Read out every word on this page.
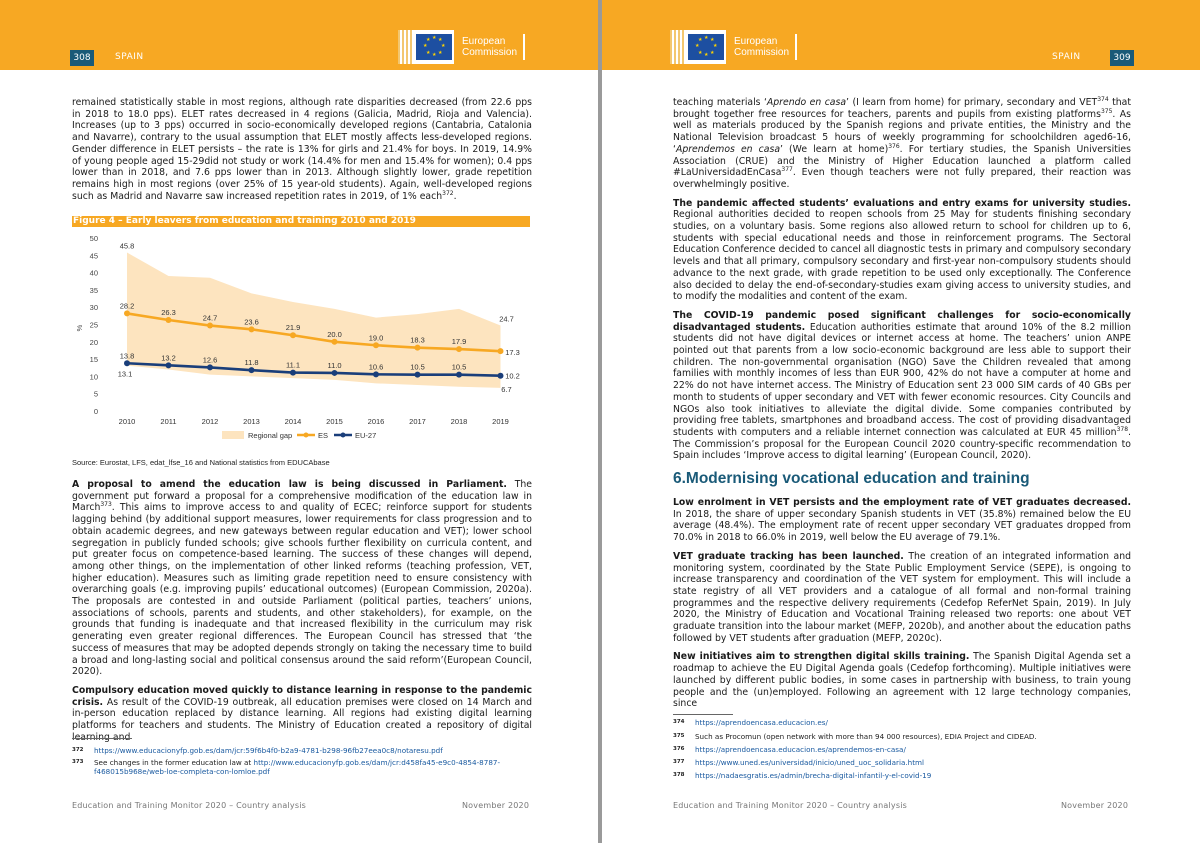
308	SPAIN
★ ★
★
★
★
★
★
★	European
Commission

remained statistically stable in most regions, although rate disparities decreased (from 22.6 pps in 2018 to 18.0 pps). ELET rates decreased in 4 regions (Galicia, Madrid, Rioja and Valencia). Increases (up to 3 pps) occurred in socio-economically developed regions (Cantabria, Catalonia and Navarre), contrary to the usual assumption that ELET mostly affects less-developed regions. Gender difference in ELET persists – the rate is 13% for girls and 21.4% for boys. In 2019, 14.9% of young people aged 15-29did not study or work (14.4% for men and 15.4% for women); 0.4 pps lower than in 2018, and 7.6 pps lower than in 2013. Although slightly lower, grade repetition remains high in most regions (over 25% of 15 year-old students). Again, well-developed regions such as Madrid and Navarre saw increased repetition rates in 2019, of 1% each$^{372}$.

Figure 4 – Early leavers from education and training 2010 and 2019
0
5
10
15
20
25
30
35
40
45
50
%
2010	2011	2012	2013	2014	2015	2016	2017	2018	2019
28.2
26.3
24.7	23.6
21.9
20.0	19.0	18.3	17.9
17.3
13.8	13.2	12.6	11.8	11.1	11.0	10.6	10.5	10.5
10.2
45.8
13.1
24.7
6.7
Regional gap	ES	EU-27
Source: Eurostat, LFS, edat_lfse_16 and National statistics from EDUCAbase

A proposal to amend the education law is being discussed in Parliament. The government put forward a proposal for a comprehensive modification of the education law in March$^{373}$. This aims to improve access to and quality of ECEC; reinforce support for students lagging behind (by additional support measures, lower requirements for class progression and to obtain academic degrees, and new gateways between regular education and VET); lower school segregation in publicly funded schools; give schools further flexibility on curricula content, and put greater focus on competence-based learning. The success of these changes will depend, among other things, on the implementation of other linked reforms (teaching profession, VET, higher education). Measures such as limiting grade repetition need to ensure consistency with overarching goals (e.g. improving pupils’ educational outcomes) (European Commission, 2020a). The proposals are contested in and outside Parliament (political parties, teachers’ unions, associations of schools, parents and students, and other stakeholders), for example, on the grounds that funding is inadequate and that increased flexibility in the curriculum may risk generating even greater regional differences. The European Council has stressed that ‘the success of measures that may be adopted depends strongly on taking the necessary time to build a broad and long-lasting social and political consensus around the said reform’(European Council, 2020).

Compulsory education moved quickly to distance learning in response to the pandemic crisis. As result of the COVID-19 outbreak, all education premises were closed on 14 March and in-person education replaced by distance learning. All regions had existing digital learning platforms for teachers and students. The Ministry of Education created a repository of digital

372 https://www.educacionyfp.gob.es/dam/jcr:59f6b4f0-b2a9-4781-b298-96fb27eea0c8/notaresu.pdf
373 See changes in the former education law at http://www.educacionyfp.gob.es/dam/jcr:d458fa45-e9c0-4854-8787-
f468015b968e/web-loe-completa-con-lomloe.pdf
Education and Training Monitor 2020 – Country analysis	November 2020
309
SPAIN
★ ★
★
★
★
★
★
★	European
Commission

teaching materials ‘Aprendo en casa’ (I learn from home) for primary, secondary and VET$^{374}$ that brought together free resources for teachers, parents and pupils from existing platforms$^{375}$. As well as materials produced by the Spanish regions and private entities, the Ministry and the National Television broadcast 5 hours of weekly programming for schoolchildren aged6-16, ‘Aprendemos en casa’ (We learn at home)$^{376}$. For tertiary studies, the Spanish Universities Association (CRUE) and the Ministry of Higher Education launched a platform called #LaUniversidadEnCasa$^{377}$. Even though teachers were not fully prepared, their reaction was overwhelmingly positive.

The pandemic affected students’ evaluations and entry exams for university studies. Regional authorities decided to reopen schools from 25 May for students finishing secondary studies, on a voluntary basis. Some regions also allowed return to school for children up to 6, students with special educational needs and those in reinforcement programs. The Sectoral Education Conference decided to cancel all diagnostic tests in primary and compulsory secondary levels and that all primary, compulsory secondary and first-year non-compulsory students should advance to the next grade, with grade repetition to be used only exceptionally. The Conference also decided to delay the end-of-secondary-studies exam giving access to university studies, and to modify the modalities and content of the exam.

The COVID-19 pandemic posed significant challenges for socio-economically disadvantaged students. Education authorities estimate that around 10% of the 8.2 million students did not have digital devices or internet access at home. The teachers’ union ANPE pointed out that parents from a low socio-economic background are less able to support their children. The non-governmental organisation (NGO) Save the Children revealed that among families with monthly incomes of less than EUR 900, 42% do not have a computer at home and 22% do not have internet access. The Ministry of Education sent 23 000 SIM cards of 40 GBs per month to students of upper secondary and VET with fewer economic resources. City Councils and NGOs also took initiatives to alleviate the digital divide. Some companies contributed by providing free tablets, smartphones and broadband access. The cost of providing disadvantaged students with computers and a reliable internet connection was calculated at EUR 45 million$^{378}$. The Commission’s proposal for the European Council 2020 country-specific recommendation to Spain includes ‘Improve access to digital learning’ (European Council, 2020).

6.Modernising vocational education and training

Low enrolment in VET persists and the employment rate of VET graduates decreased. In 2018, the share of upper secondary Spanish students in VET (35.8%) remained below the EU average (48.4%). The employment rate of recent upper secondary VET graduates dropped from 70.0% in 2018 to 66.0% in 2019, well below the EU average of 79.1%.

VET graduate tracking has been launched. The creation of an integrated information and monitoring system, coordinated by the State Public Employment Service (SEPE), is ongoing to increase transparency and coordination of the VET system for employment. This will include a state registry of all VET providers and a catalogue of all formal and non-formal training programmes and the respective delivery requirements (Cedefop ReferNet Spain, 2019). In July 2020, the Ministry of Education and Vocational Training released two reports: one about VET graduate transition into the labour market (MEFP, 2020b), and another about the education paths followed by VET students after graduation (MEFP, 2020c).

New initiatives aim to strengthen digital skills training. The Spanish Digital Agenda set a roadmap to achieve the EU Digital Agenda goals (Cedefop forthcoming). Multiple initiatives were launched by different public bodies, in some cases in partnership with business, to train young people and the (un)employed. Following an agreement with 12 large technology companies, since

374 https://aprendoencasa.educacion.es/
375 Such as Procomun (open network with more than 94 000 resources), EDIA Project and CIDEAD.
376 https://aprendoencasa.educacion.es/aprendemos-en-casa/
377 https://www.uned.es/universidad/inicio/uned_uoc_solidaria.html
378 https://nadaesgratis.es/admin/brecha-digital-infantil-y-el-covid-19
Education and Training Monitor 2020 – Country analysis	November 2020
